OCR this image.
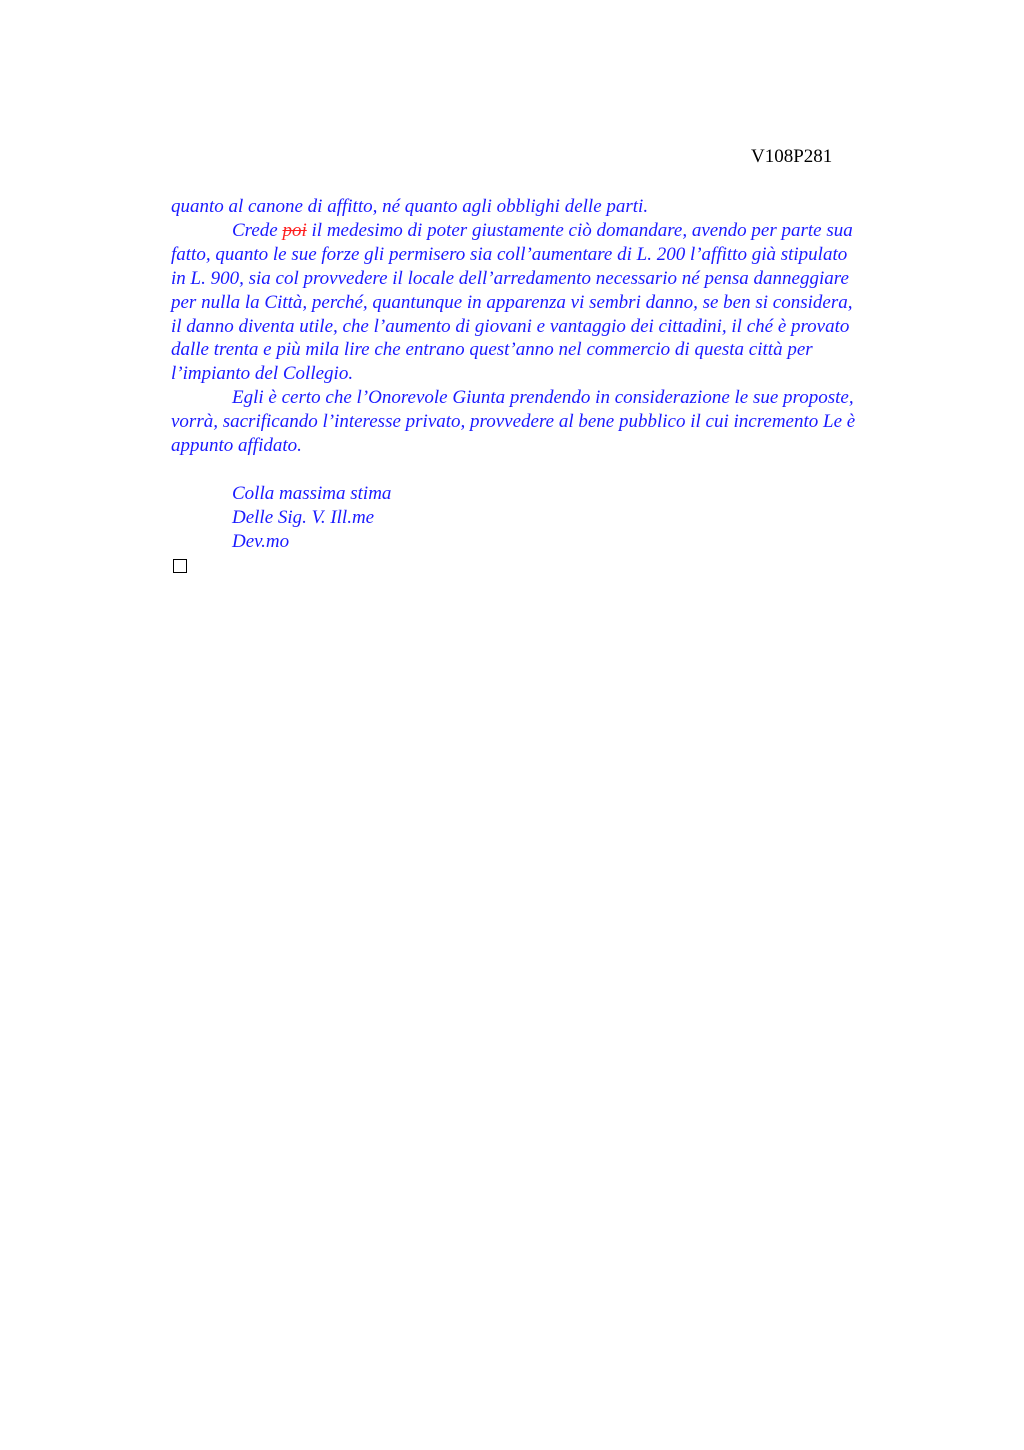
V108P281
quanto al canone di affitto, né quanto agli obblighi delle parti.
Crede poi il medesimo di poter giustamente ciò domandare, avendo per parte sua
fatto, quanto le sue forze gli permisero sia coll’aumentare di L. 200 l’affitto già stipulato
in L. 900, sia col provvedere il locale dell’arredamento necessario né pensa danneggiare
per nulla la Città, perché, quantunque in apparenza vi sembri danno, se ben si considera,
il danno diventa utile, che l’aumento di giovani e vantaggio dei cittadini, il ché è provato
dalle trenta e più mila lire che entrano quest’anno nel commercio di questa città per
l’impianto del Collegio.
Egli è certo che l’Onorevole Giunta prendendo in considerazione le sue proposte,
vorrà, sacrificando l’interesse privato, provvedere al bene pubblico il cui incremento Le è
appunto affidato.
Colla massima stima
Delle Sig. V. Ill.me
Dev.mo
